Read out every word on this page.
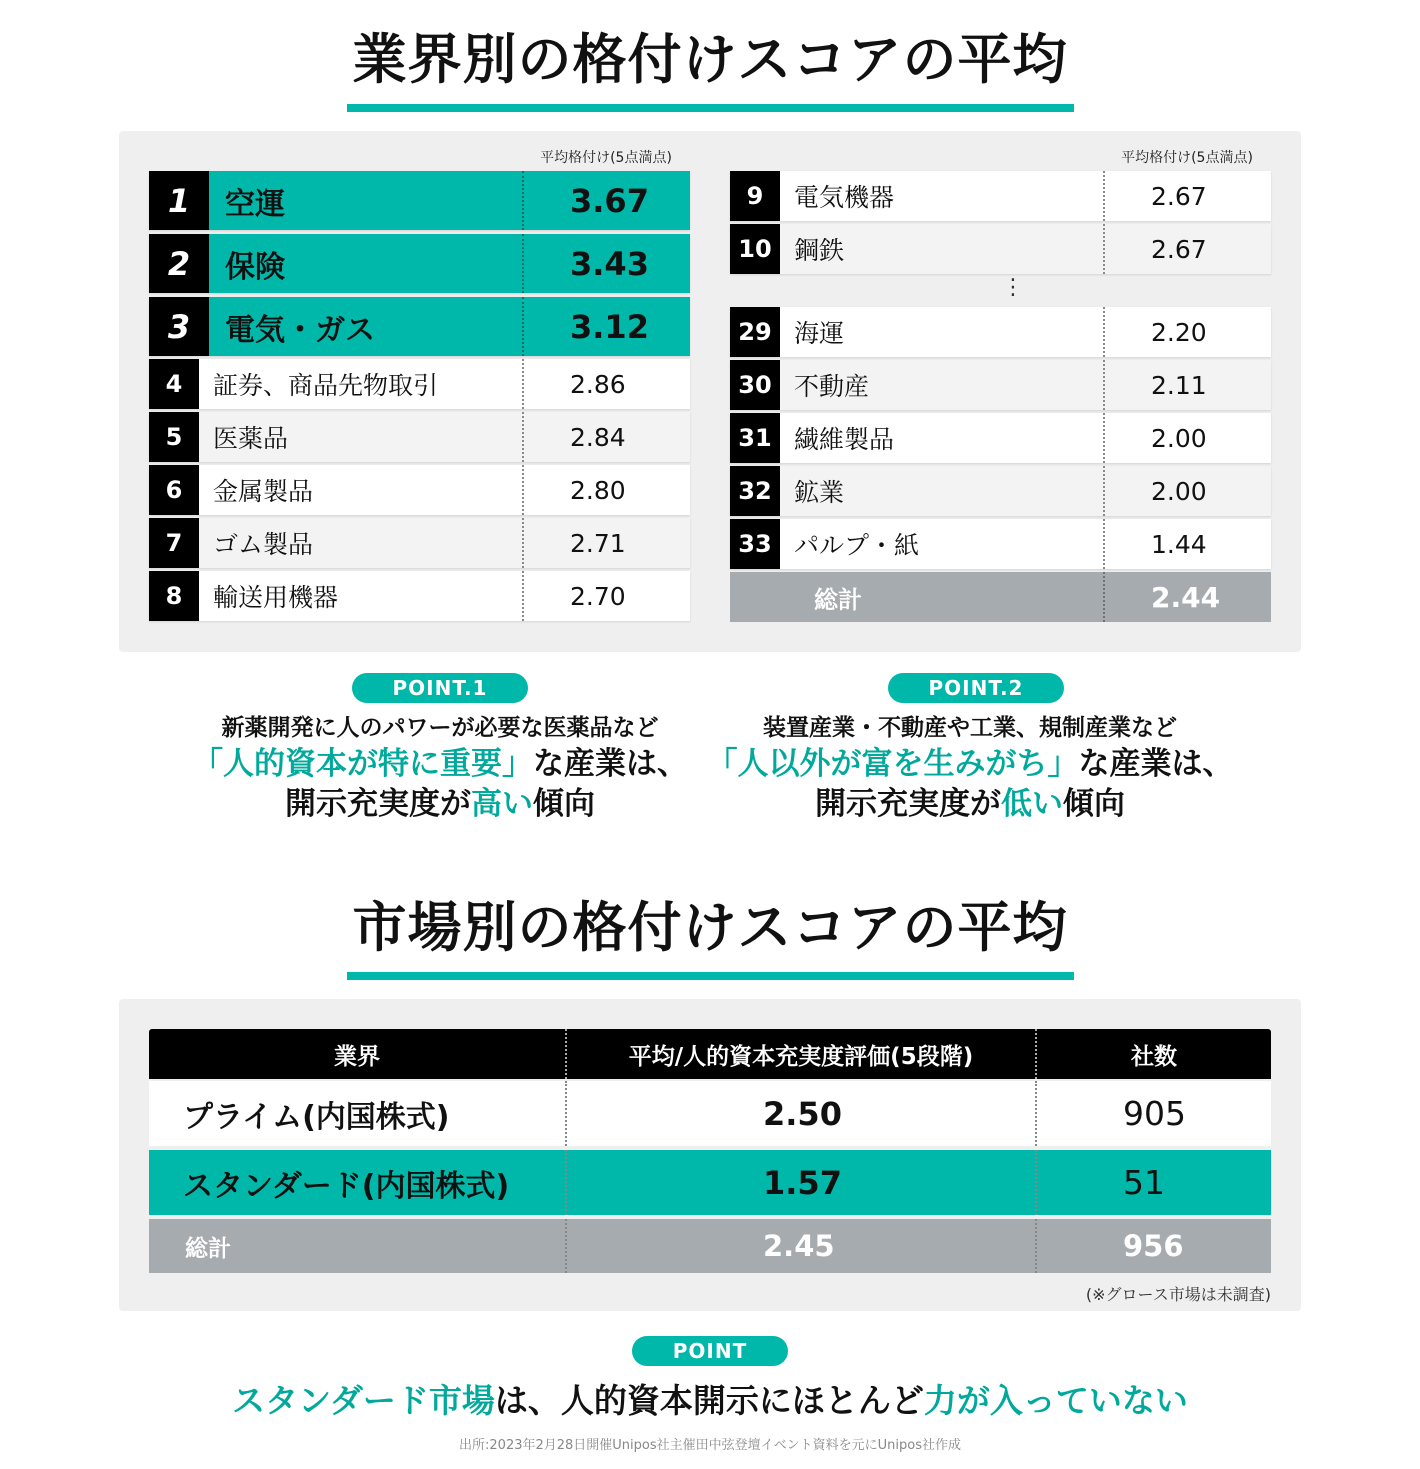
業界別の格付けスコアの平均
平均格付け(5点満点)	平均格付け(5点満点)
1	空運	3.67
2	保険	3.43
3	電気・ガス	3.12
4	証券、商品先物取引	2.86
5	医薬品	2.84
6	金属製品	2.80
7	ゴム製品	2.71
8	輸送用機器	2.70
9	電気機器	2.67
10 鋼鉄	2.67
29 海運	2.20
30 不動産	2.11
31 繊維製品	2.00
32 鉱業	2.00
33 パルプ・紙	1.44
総計	2.44
⋮
POINT.1
新薬開発に人のパワーが必要な医薬品など
「人的資本が特に重要」な産業は、
開示充実度が高い傾向
POINT.2
装置産業・不動産や工業、規制産業など
「人以外が富を生みがち」な産業は、
開示充実度が低い傾向
市場別の格付けスコアの平均
業界	平均/人的資本充実度評価(5段階)	社数
プライム(内国株式)	2.50	905
スタンダード(内国株式)	1.57	51
総計	2.45	956
(※グロース市場は未調査)
POINT
スタンダード市場は、人的資本開示にほとんど力が入っていない
出所:2023年2月28日開催Unipos社主催田中弦登壇イベント資料を元にUnipos社作成
